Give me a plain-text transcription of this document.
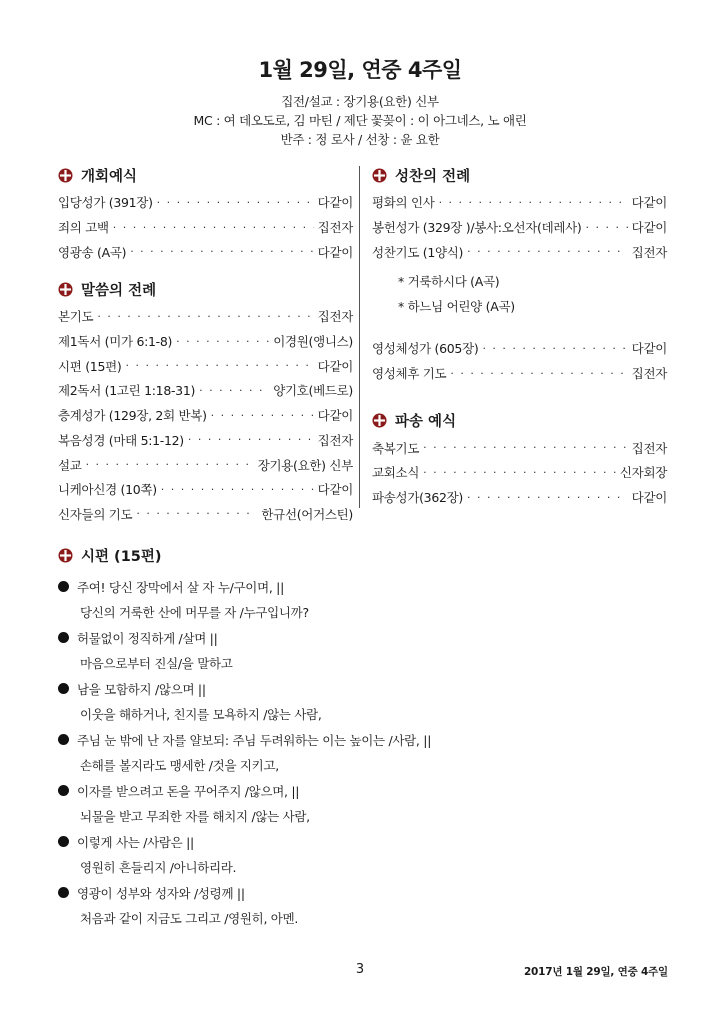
1월 29일, 연중 4주일
집전/설교 : 장기용(요한) 신부
MC : 여 데오도로, 김 마틴 / 제단 꽃꽂이 : 이 아그네스, 노 애린
반주 : 정 로사 / 선창 : 윤 요한
개회예식
입당성가 (391장) · · ·	다같이
죄의 고백 · · ·	집전자
영광송 (A곡) · · ·	다같이
말씀의 전례
본기도 · · ·	집전자
제1독서 (미가 6:1-8) · · ·	이경원(앵니스)
시편 (15편) · · ·	다같이
제2독서 (1고린 1:18-31) · · ·	양기호(베드로)
층계성가 (129장, 2회 반복) · · ·	다같이
복음성경 (마태 5:1-12) · · ·	집전자
설교 · · ·	장기용(요한) 신부
니케아신경 (10쪽) · · ·	다같이
신자들의 기도 · · ·	한규선(어거스틴)
성찬의 전례
평화의 인사 · · ·	다같이
봉헌성가 (329장 )/봉사:오선자(데레사) · · ·	다같이
성찬기도 (1양식) · · ·	집전자
* 거룩하시다 (A곡)
* 하느님 어린양 (A곡)
영성체성가 (605장) · · ·	다같이
영성체후 기도 · · ·	집전자
파송 예식
축복기도 · · ·	집전자
교회소식 · · ·	신자회장
파송성가(362장) · · ·	다같이
시편 (15편)
주여! 당신 장막에서 살 자 누/구이며, ||
당신의 거룩한 산에 머무를 자 /누구입니까?
허물없이 정직하게 /살며 ||
마음으로부터 진실/을 말하고
남을 모함하지 /않으며 ||
이웃을 해하거나, 친지를 모욕하지 /않는 사람,
주님 눈 밖에 난 자를 얄보되: 주님 두려워하는 이는 높이는 /사람, ||
손해를 볼지라도 맹세한 /것을 지키고,
이자를 받으려고 돈을 꾸어주지 /않으며, ||
뇌물을 받고 무죄한 자를 해치지 /않는 사람,
이렇게 사는 /사람은 ||
영원히 흔들리지 /아니하리라.
영광이 성부와 성자와 /성령께 ||
처음과 같이 지금도 그리고 /영원히, 아멘.
3	2017년 1월 29일, 연중 4주일
